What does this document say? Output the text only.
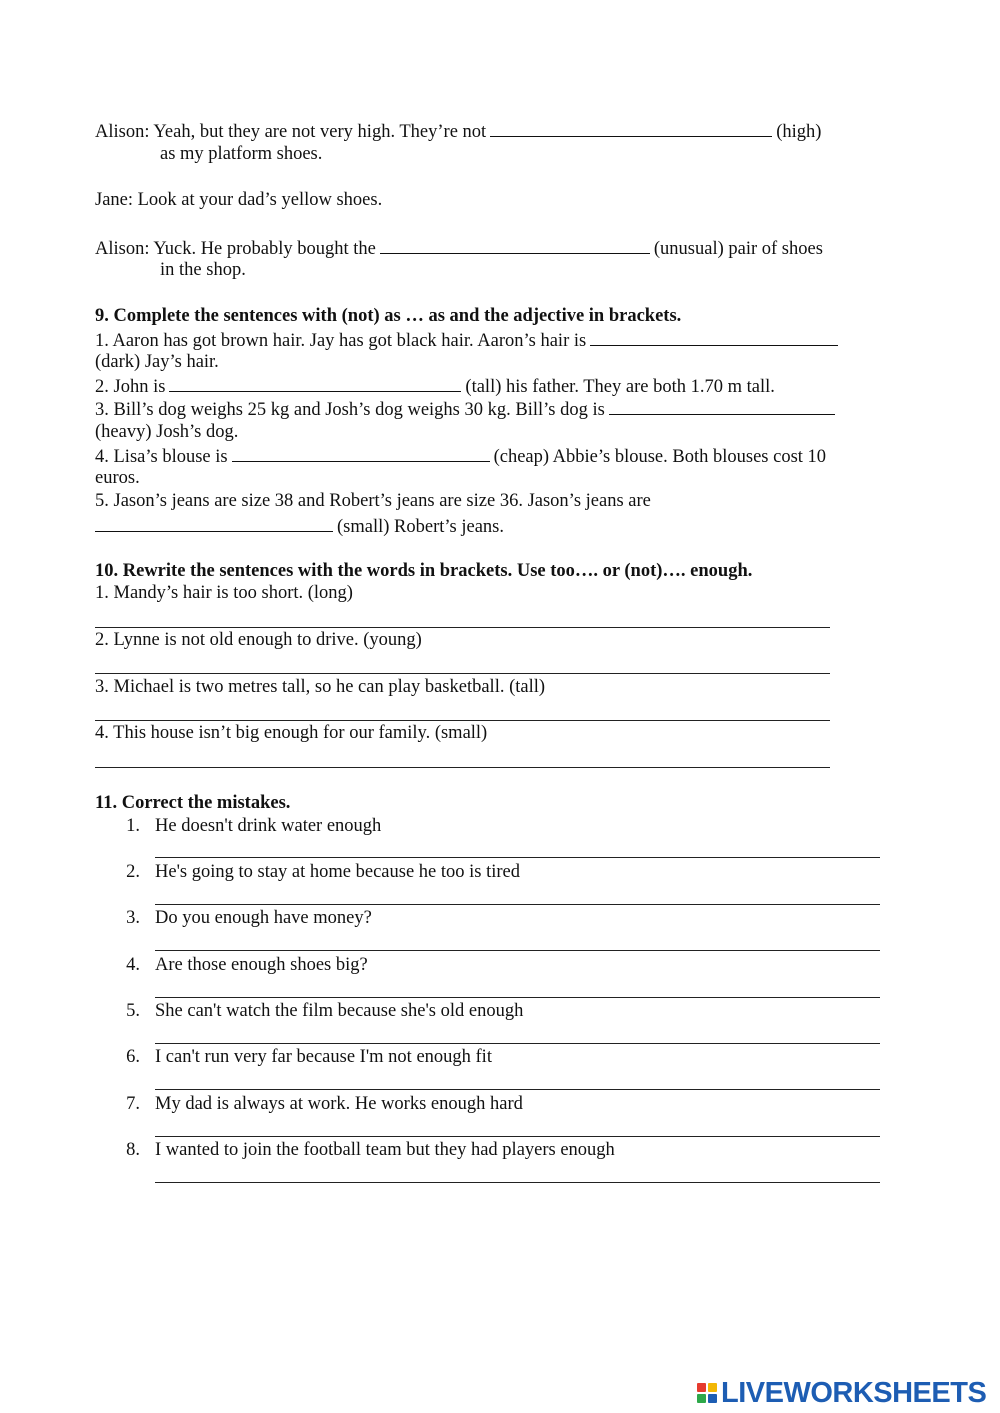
Alison: Yeah, but they are not very high. They’re not	(high)
as my platform shoes.
Jane: Look at your dad’s yellow shoes.
Alison: Yuck. He probably bought the	(unusual) pair of shoes
in the shop.
9. Complete the sentences with (not) as … as and the adjective in brackets.
1. Aaron has got brown hair. Jay has got black hair. Aaron’s hair is
(dark) Jay’s hair.
2. John is	(tall) his father. They are both 1.70 m tall.
3. Bill’s dog weighs 25 kg and Josh’s dog weighs 30 kg. Bill’s dog is
(heavy) Josh’s dog.
4. Lisa’s blouse is	(cheap) Abbie’s blouse. Both blouses cost 10
euros.
5. Jason’s jeans are size 38 and Robert’s jeans are size 36. Jason’s jeans are
(small) Robert’s jeans.
10. Rewrite the sentences with the words in brackets. Use too…. or (not)…. enough.
1. Mandy’s hair is too short. (long)
2. Lynne is not old enough to drive. (young)
3. Michael is two metres tall, so he can play basketball. (tall)
4. This house isn’t big enough for our family. (small)
11. Correct the mistakes.
1. He doesn't drink water enough
2. He's going to stay at home because he too is tired
3. Do you enough have money?
4. Are those enough shoes big?
5. She can't watch the film because she's old enough
6. I can't run very far because I'm not enough fit
7. My dad is always at work. He works enough hard
8. I wanted to join the football team but they had players enough
LIVEWORKSHEETS
